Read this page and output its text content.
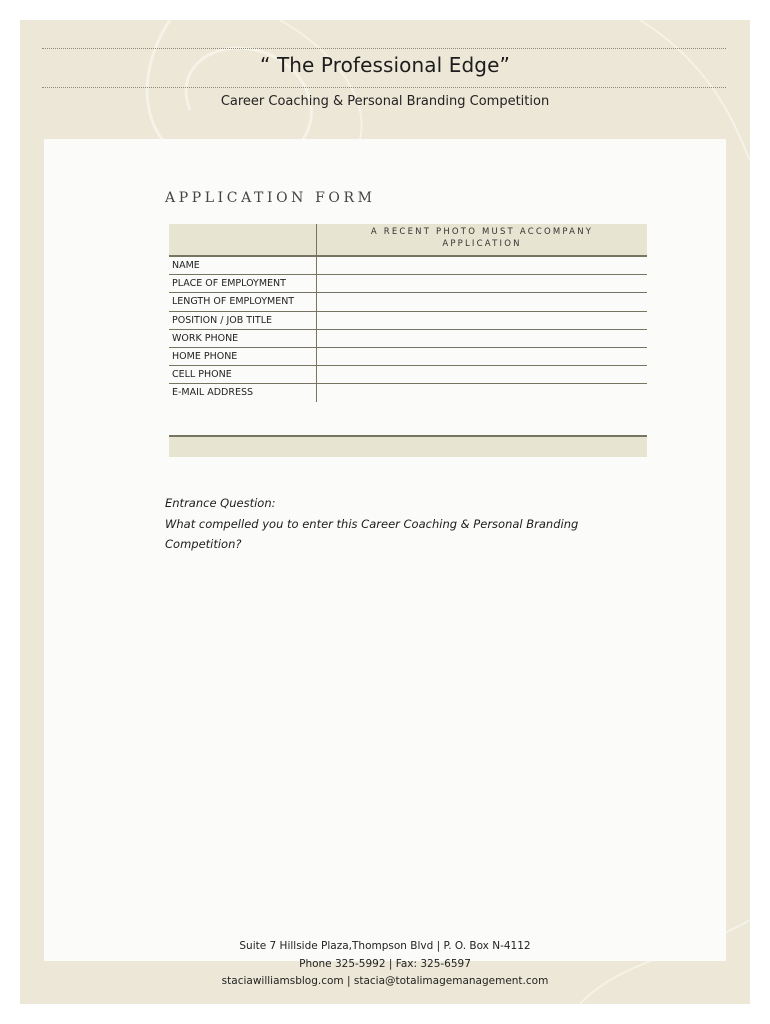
“ The Professional Edge”
Career Coaching & Personal Branding Competition
APPLICATION FORM
A RECENT PHOTO MUST ACCOMPANY
APPLICATION
NAME
PLACE OF EMPLOYMENT
LENGTH OF EMPLOYMENT
POSITION / JOB TITLE
WORK PHONE
HOME PHONE
CELL PHONE
E-MAIL ADDRESS
Entrance Question:
What compelled you to enter this Career Coaching & Personal Branding Competition?
Suite 7 Hillside Plaza,Thompson Blvd | P. O. Box N-4112
Phone 325-5992 | Fax: 325-6597
staciawilliamsblog.com | stacia@totalimagemanagement.com
